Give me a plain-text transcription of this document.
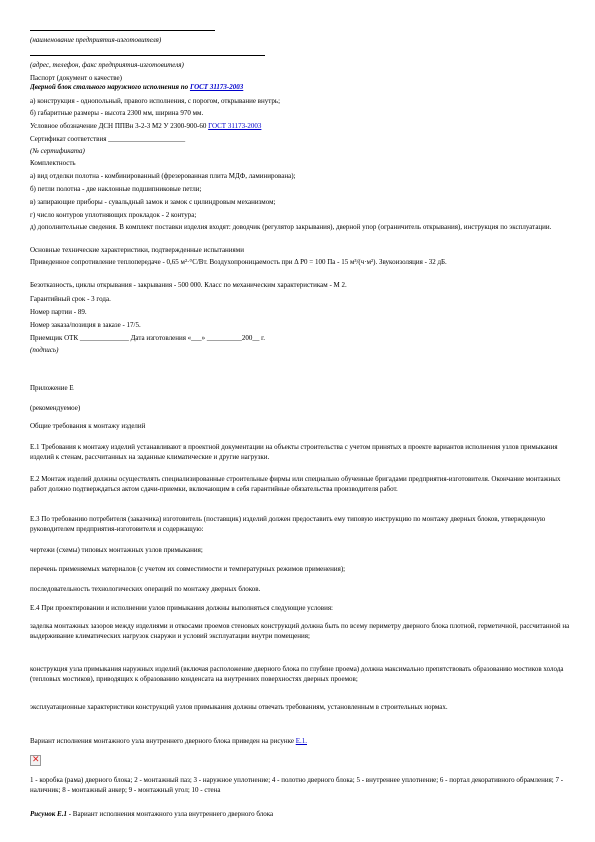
(наименование предприятия-изготовителя)
(адрес, телефон, факс предприятия-изготовителя)
Паспорт (документ о качестве)
Дверной блок стального наружного исполнения по ГОСТ 31173-2003
а) конструкция - однопольный, правого исполнения, с порогом, открывание внутрь;
б) габаритные размеры - высота 2300 мм, ширина 970 мм.
Условное обозначение ДСН ППВн 3-2-3 М2 У 2300-900-60 ГОСТ 31173-2003
Сертификат соответствия ______________________
(№ сертификата)
Комплектность
а) вид отделки полотна - комбинированный (фрезерованная плита МДФ, ламинирована);
б) петли полотна - две наклонные подшипниковые петли;
в) запирающие приборы - сувальдный замок и замок с цилиндровым механизмом;
г) число контуров уплотняющих прокладок - 2 контура;
д) дополнительные сведения. В комплект поставки изделия входят: доводчик (регулятор закрывания), дверной упор (ограничитель открывания), инструкция по эксплуатации.
Основные технические характеристики, подтвержденные испытаниями
Приведенное сопротивление теплопередаче - 0,65 м²·°С/Вт. Воздухопроницаемость при Δ P0 = 100 Па - 15 м³/(ч·м²). Звукоизоляция - 32 дБ.
Безотказность, циклы открывания - закрывания - 500 000. Класс по механическим характеристикам - М 2.
Гарантийный срок - 3 года.
Номер партии - 89.
Номер заказа/позиция в заказе - 17/5.
Приемщик ОТК ______________ Дата изготовления «___» __________200__ г.
(подпись)
Приложение Е
(рекомендуемое)
Общие требования к монтажу изделий
Е.1 Требования к монтажу изделий устанавливают в проектной документации на объекты строительства с учетом принятых в проекте вариантов исполнения узлов примыкания изделий к стенам, рассчитанных на заданные климатические и другие нагрузки.
Е.2 Монтаж изделий должны осуществлять специализированные строительные фирмы или специально обученные бригадами предприятия-изготовителя. Окончание монтажных работ должно подтверждаться актом сдачи-приемки, включающим в себя гарантийные обязательства производителя работ.
Е.3 По требованию потребителя (заказчика) изготовитель (поставщик) изделий должен предоставить ему типовую инструкцию по монтажу дверных блоков, утвержденную руководителем предприятия-изготовителя и содержащую:
чертежи (схемы) типовых монтажных узлов примыкания;
перечень применяемых материалов (с учетом их совместимости и температурных режимов применения);
последовательность технологических операций по монтажу дверных блоков.
Е.4 При проектировании и исполнении узлов примыкания должны выполняться следующие условия:
заделка монтажных зазоров между изделиями и откосами проемов стеновых конструкций должна быть по всему периметру дверного блока плотной, герметичной, рассчитанной на выдерживание климатических нагрузок снаружи и условий эксплуатации внутри помещения;
конструкция узла примыкания наружных изделий (включая расположение дверного блока по глубине проема) должна максимально препятствовать образованию мостиков холода (тепловых мостиков), приводящих к образованию конденсата на внутренних поверхностях дверных проемов;
эксплуатационные характеристики конструкций узлов примыкания должны отвечать требованиям, установленным в строительных нормах.
Вариант исполнения монтажного узла внутреннего дверного блока приведен на рисунке Е.1.
✕
1 - коробка (рама) дверного блока; 2 - монтажный паз; 3 - наружное уплотнение; 4 - полотно дверного блока; 5 - внутреннее уплотнение; 6 - портал декоративного обрамления; 7 - наличник; 8 - монтажный анкер; 9 - монтажный угол; 10 - стена
Рисунок Е.1 - Вариант исполнения монтажного узла внутреннего дверного блока
